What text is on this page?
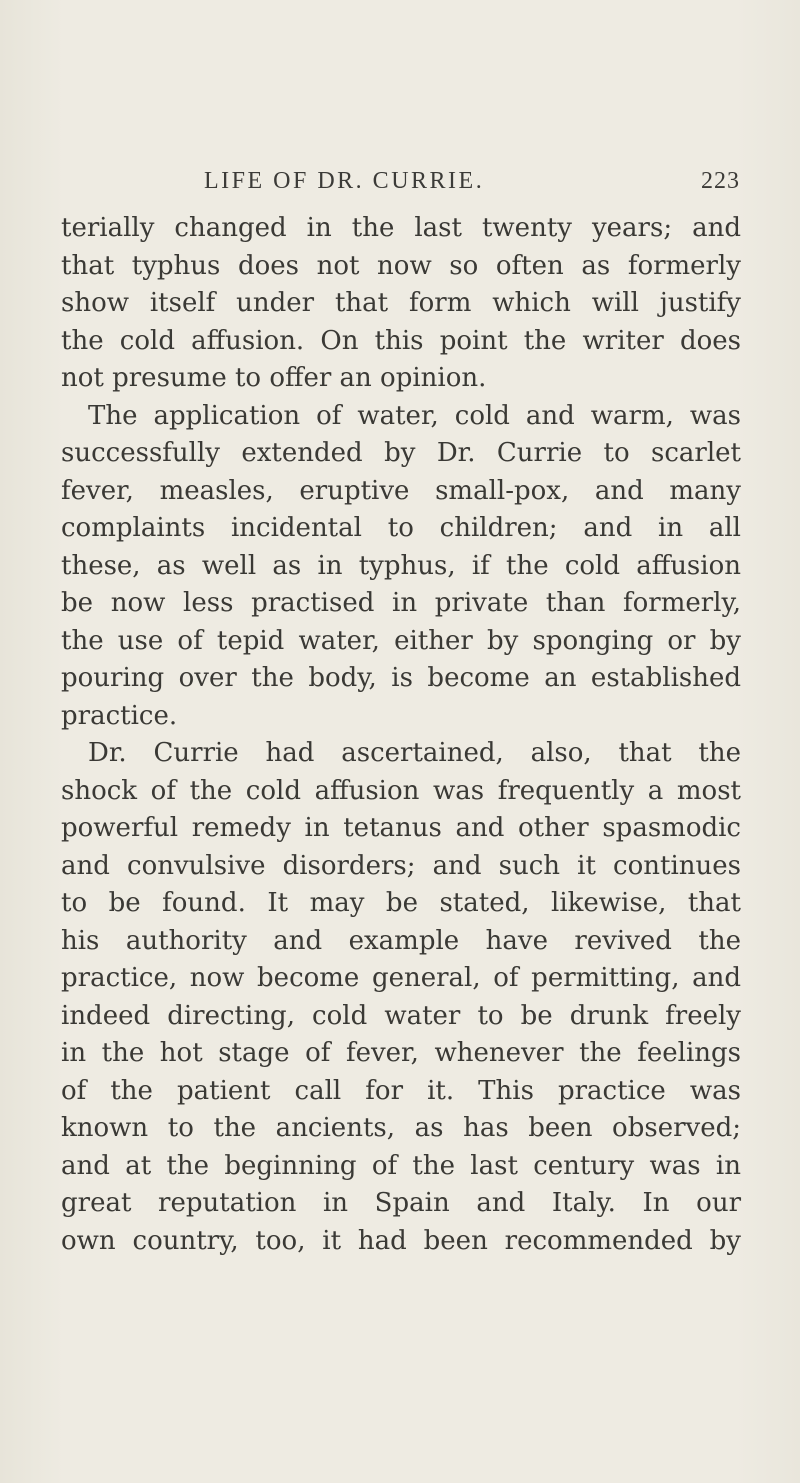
LIFE OF DR. CURRIE.	223
terially changed in the last twenty years; and
that typhus does not now so often as formerly
show itself under that form which will justify
the cold affusion. On this point the writer does
not presume to offer an opinion.
The application of water, cold and warm, was
successfully extended by Dr. Currie to scarlet
fever, measles, eruptive small-pox, and many
complaints incidental to children; and in all
these, as well as in typhus, if the cold affusion
be now less practised in private than formerly,
the use of tepid water, either by sponging or by
pouring over the body, is become an established
practice.
Dr. Currie had ascertained, also, that the
shock of the cold affusion was frequently a most
powerful remedy in tetanus and other spasmodic
and convulsive disorders; and such it continues
to be found. It may be stated, likewise, that
his authority and example have revived the
practice, now become general, of permitting, and
indeed directing, cold water to be drunk freely
in the hot stage of fever, whenever the feelings
of the patient call for it. This practice was
known to the ancients, as has been observed;
and at the beginning of the last century was in
great reputation in Spain and Italy. In our
own country, too, it had been recommended by
